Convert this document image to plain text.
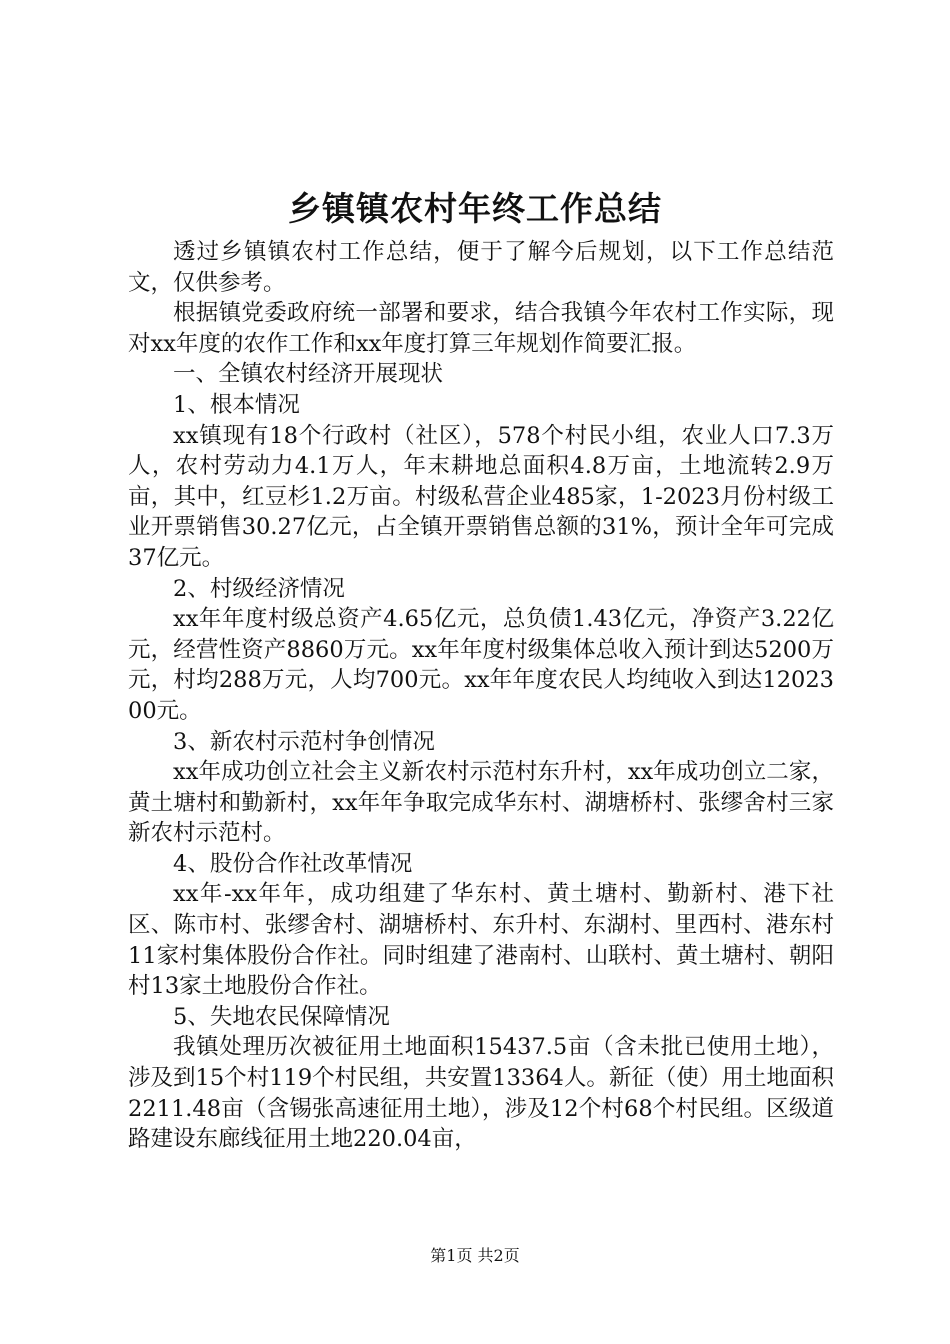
乡镇镇农村年终工作总结

透过乡镇镇农村工作总结，便于了解今后规划，以下工作总结范文，仅供参考。

根据镇党委政府统一部署和要求，结合我镇今年农村工作实际，现对xx年度的农作工作和xx年度打算三年规划作简要汇报。

一、全镇农村经济开展现状

1、根本情况

xx镇现有18个行政村（社区），578个村民小组，农业人口7.3万人，农村劳动力4.1万人，年末耕地总面积4.8万亩，土地流转2.9万亩，其中，红豆杉1.2万亩。村级私营企业485家，1-2023月份村级工业开票销售30.27亿元，占全镇开票销售总额的31%，预计全年可完成37亿元。

2、村级经济情况

xx年年度村级总资产4.65亿元，总负债1.43亿元，净资产3.22亿元，经营性资产8860万元。xx年年度村级集体总收入预计到达5200万元，村均288万元，人均700元。xx年年度农民人均纯收入到达1202300元。

3、新农村示范村争创情况

xx年成功创立社会主义新农村示范村东升村，xx年成功创立二家，黄土塘村和勤新村，xx年年争取完成华东村、湖塘桥村、张缪舍村三家新农村示范村。

4、股份合作社改革情况

xx年-xx年年，成功组建了华东村、黄土塘村、勤新村、港下社区、陈市村、张缪舍村、湖塘桥村、东升村、东湖村、里西村、港东村11家村集体股份合作社。同时组建了港南村、山联村、黄土塘村、朝阳村13家土地股份合作社。

5、失地农民保障情况

我镇处理历次被征用土地面积15437.5亩（含未批已使用土地），涉及到15个村119个村民组，共安置13364人。新征（使）用土地面积2211.48亩（含锡张高速征用土地），涉及12个村68个村民组。区级道路建设东廊线征用土地220.04亩，

第1页 共2页
